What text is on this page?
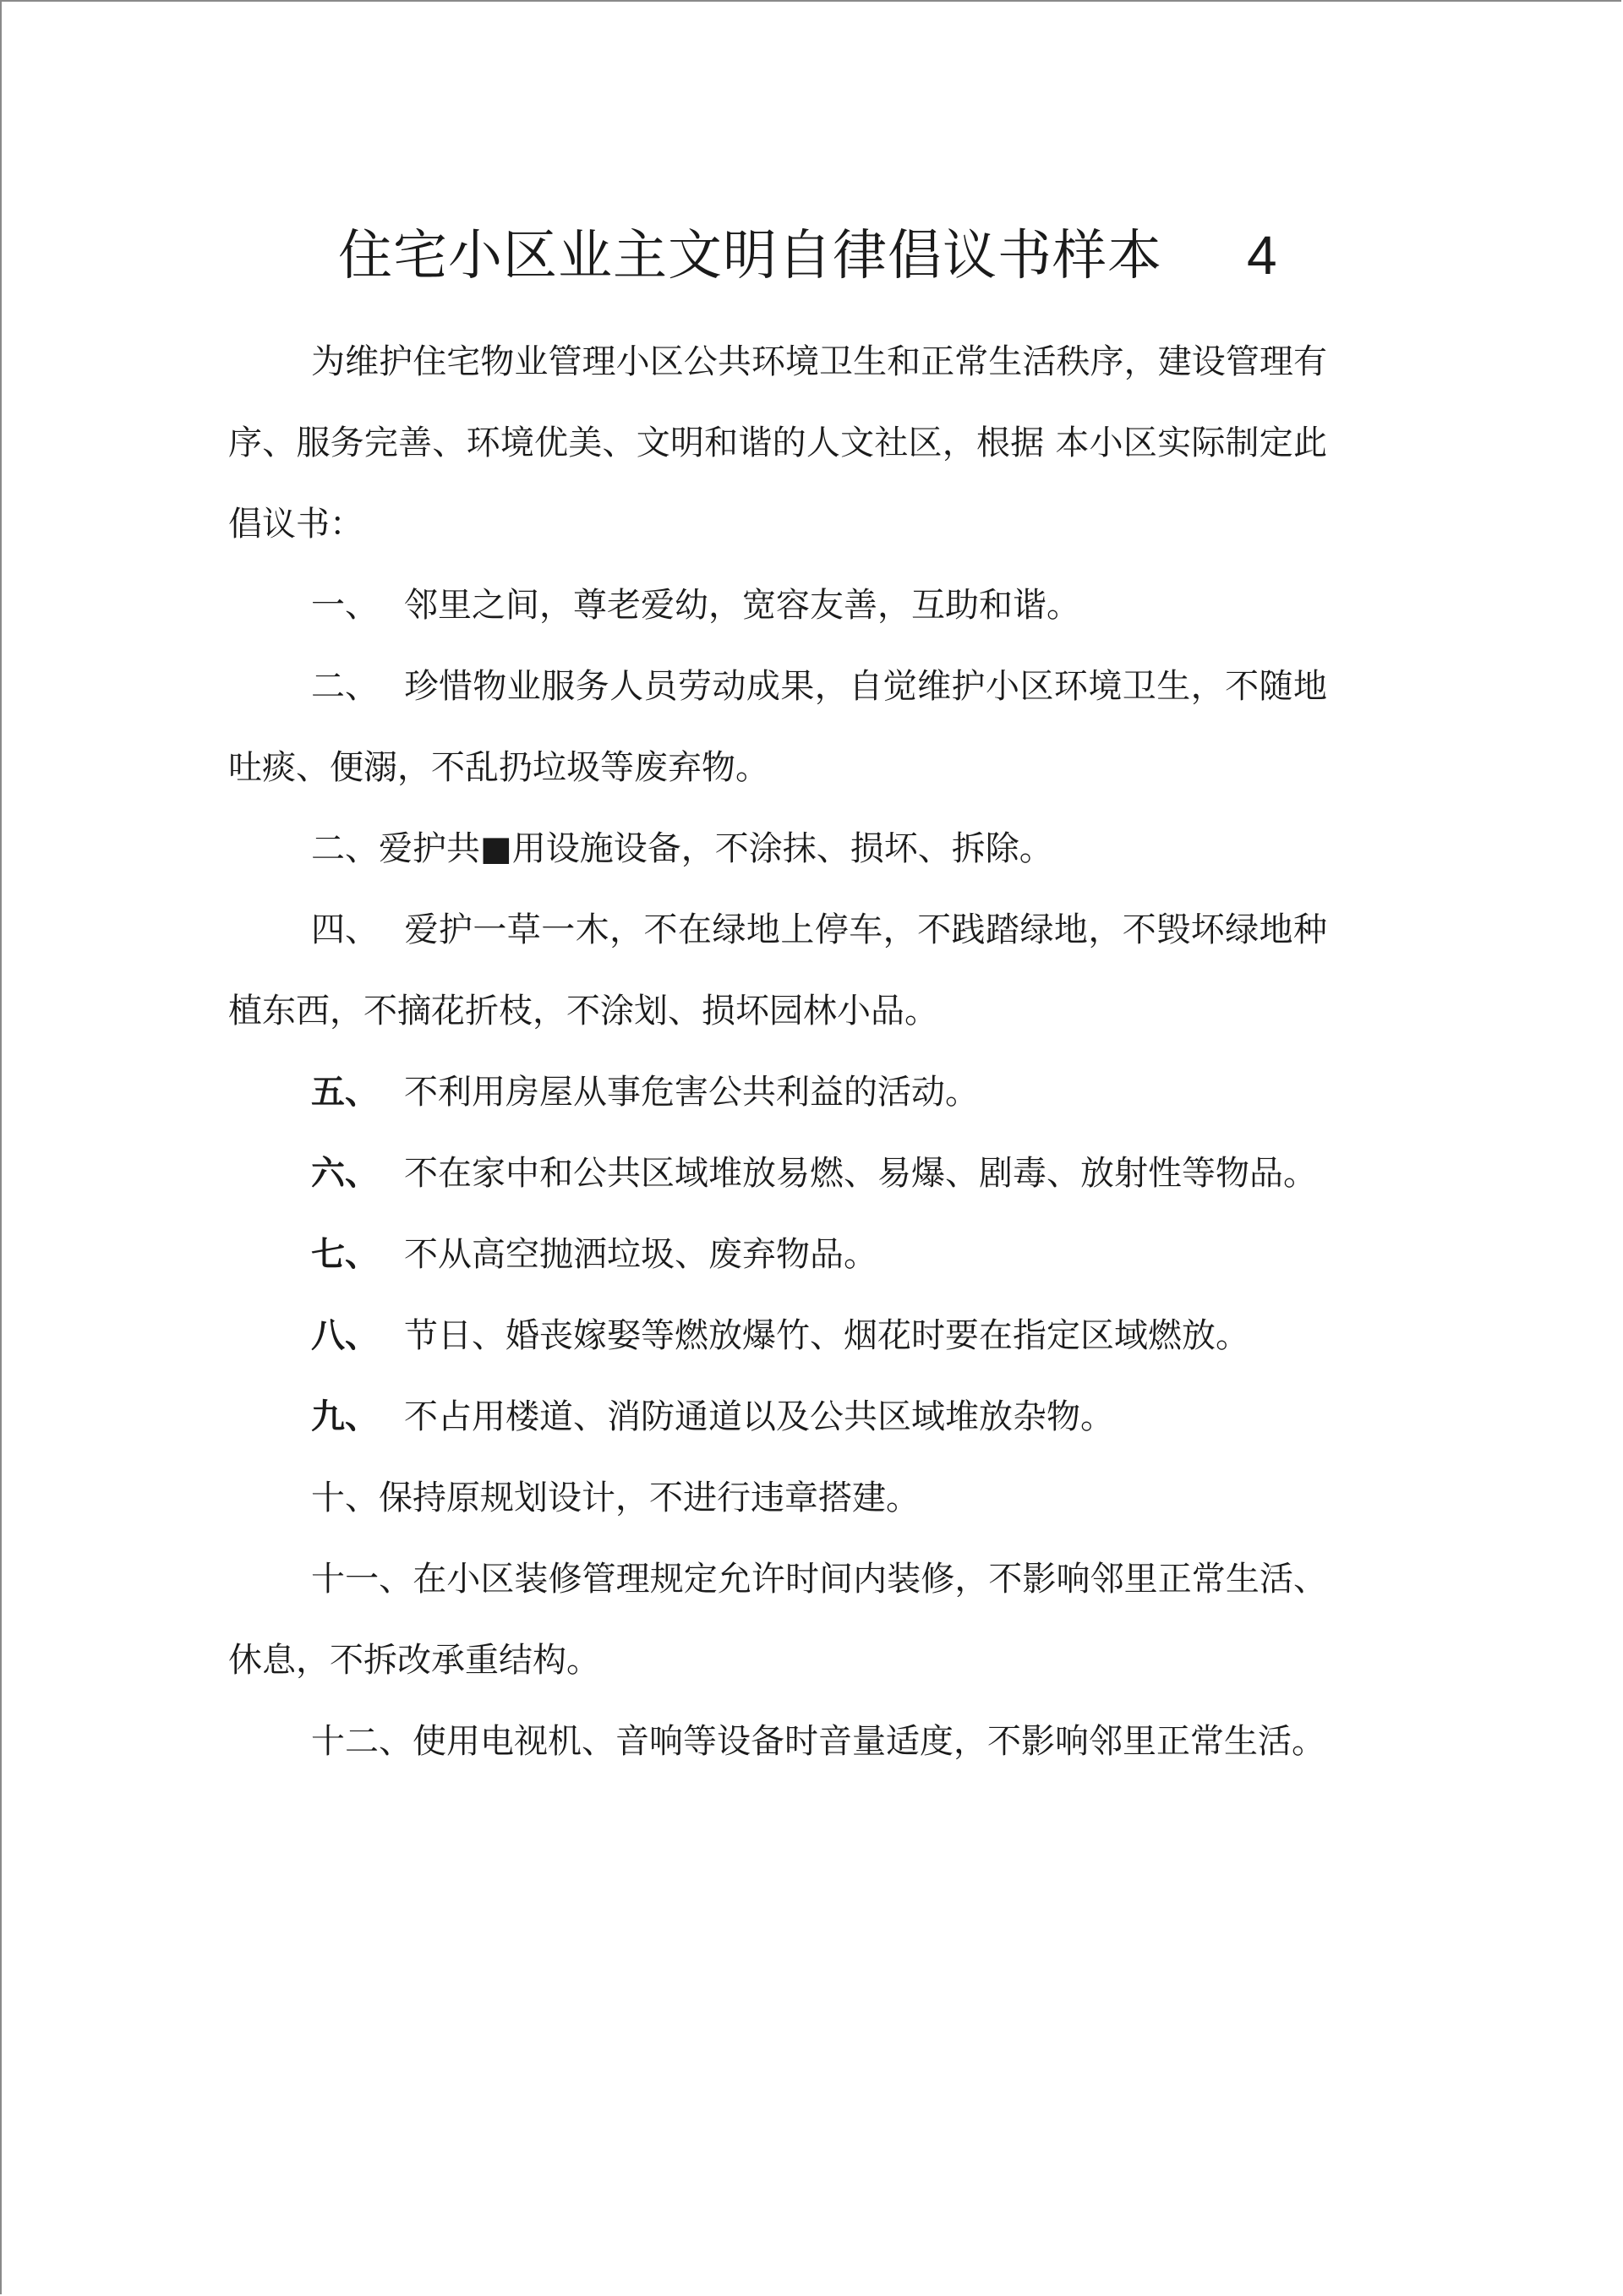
住宅小区业主文明自律倡议书样本 4

为维护住宅物业管理小区公共环境卫生和正常生活秩序，建设管理有序、服务完善、环境优美、文明和谐的人文社区，根据 本小区实际制定此倡议书：

一、 邻里之间，尊老爱幼，宽容友善，互助和谐。

二、 珍惜物业服务人员劳动成果，自觉维护小区环境卫生，不随地吐痰、便溺，不乱扔垃圾等废弃物。

二、爱护共■用设施设备，不涂抹、损坏、拆除。

四、 爱护一草一木，不在绿地上停车，不践踏绿地，不毁坏绿地种植东西，不摘花折枝，不涂划、损坏园林小品。

五、 不利用房屋从事危害公共利益的活动。

六、 不在家中和公共区域堆放易燃、易爆、剧毒、放射性等物品。

七、 不从高空抛洒垃圾、废弃物品。

八、 节日、婚丧嫁娶等燃放爆竹、烟花时要在指定区域燃放。

九、 不占用楼道、消防通道以及公共区域堆放杂物。

十、保持原规划设计，不进行违章搭建。

十一、在小区装修管理规定允许时间内装修，不影响邻里正常生活、休息，不拆改承重结构。

十二、使用电视机、音响等设备时音量适度，不影响邻里正常生活。
